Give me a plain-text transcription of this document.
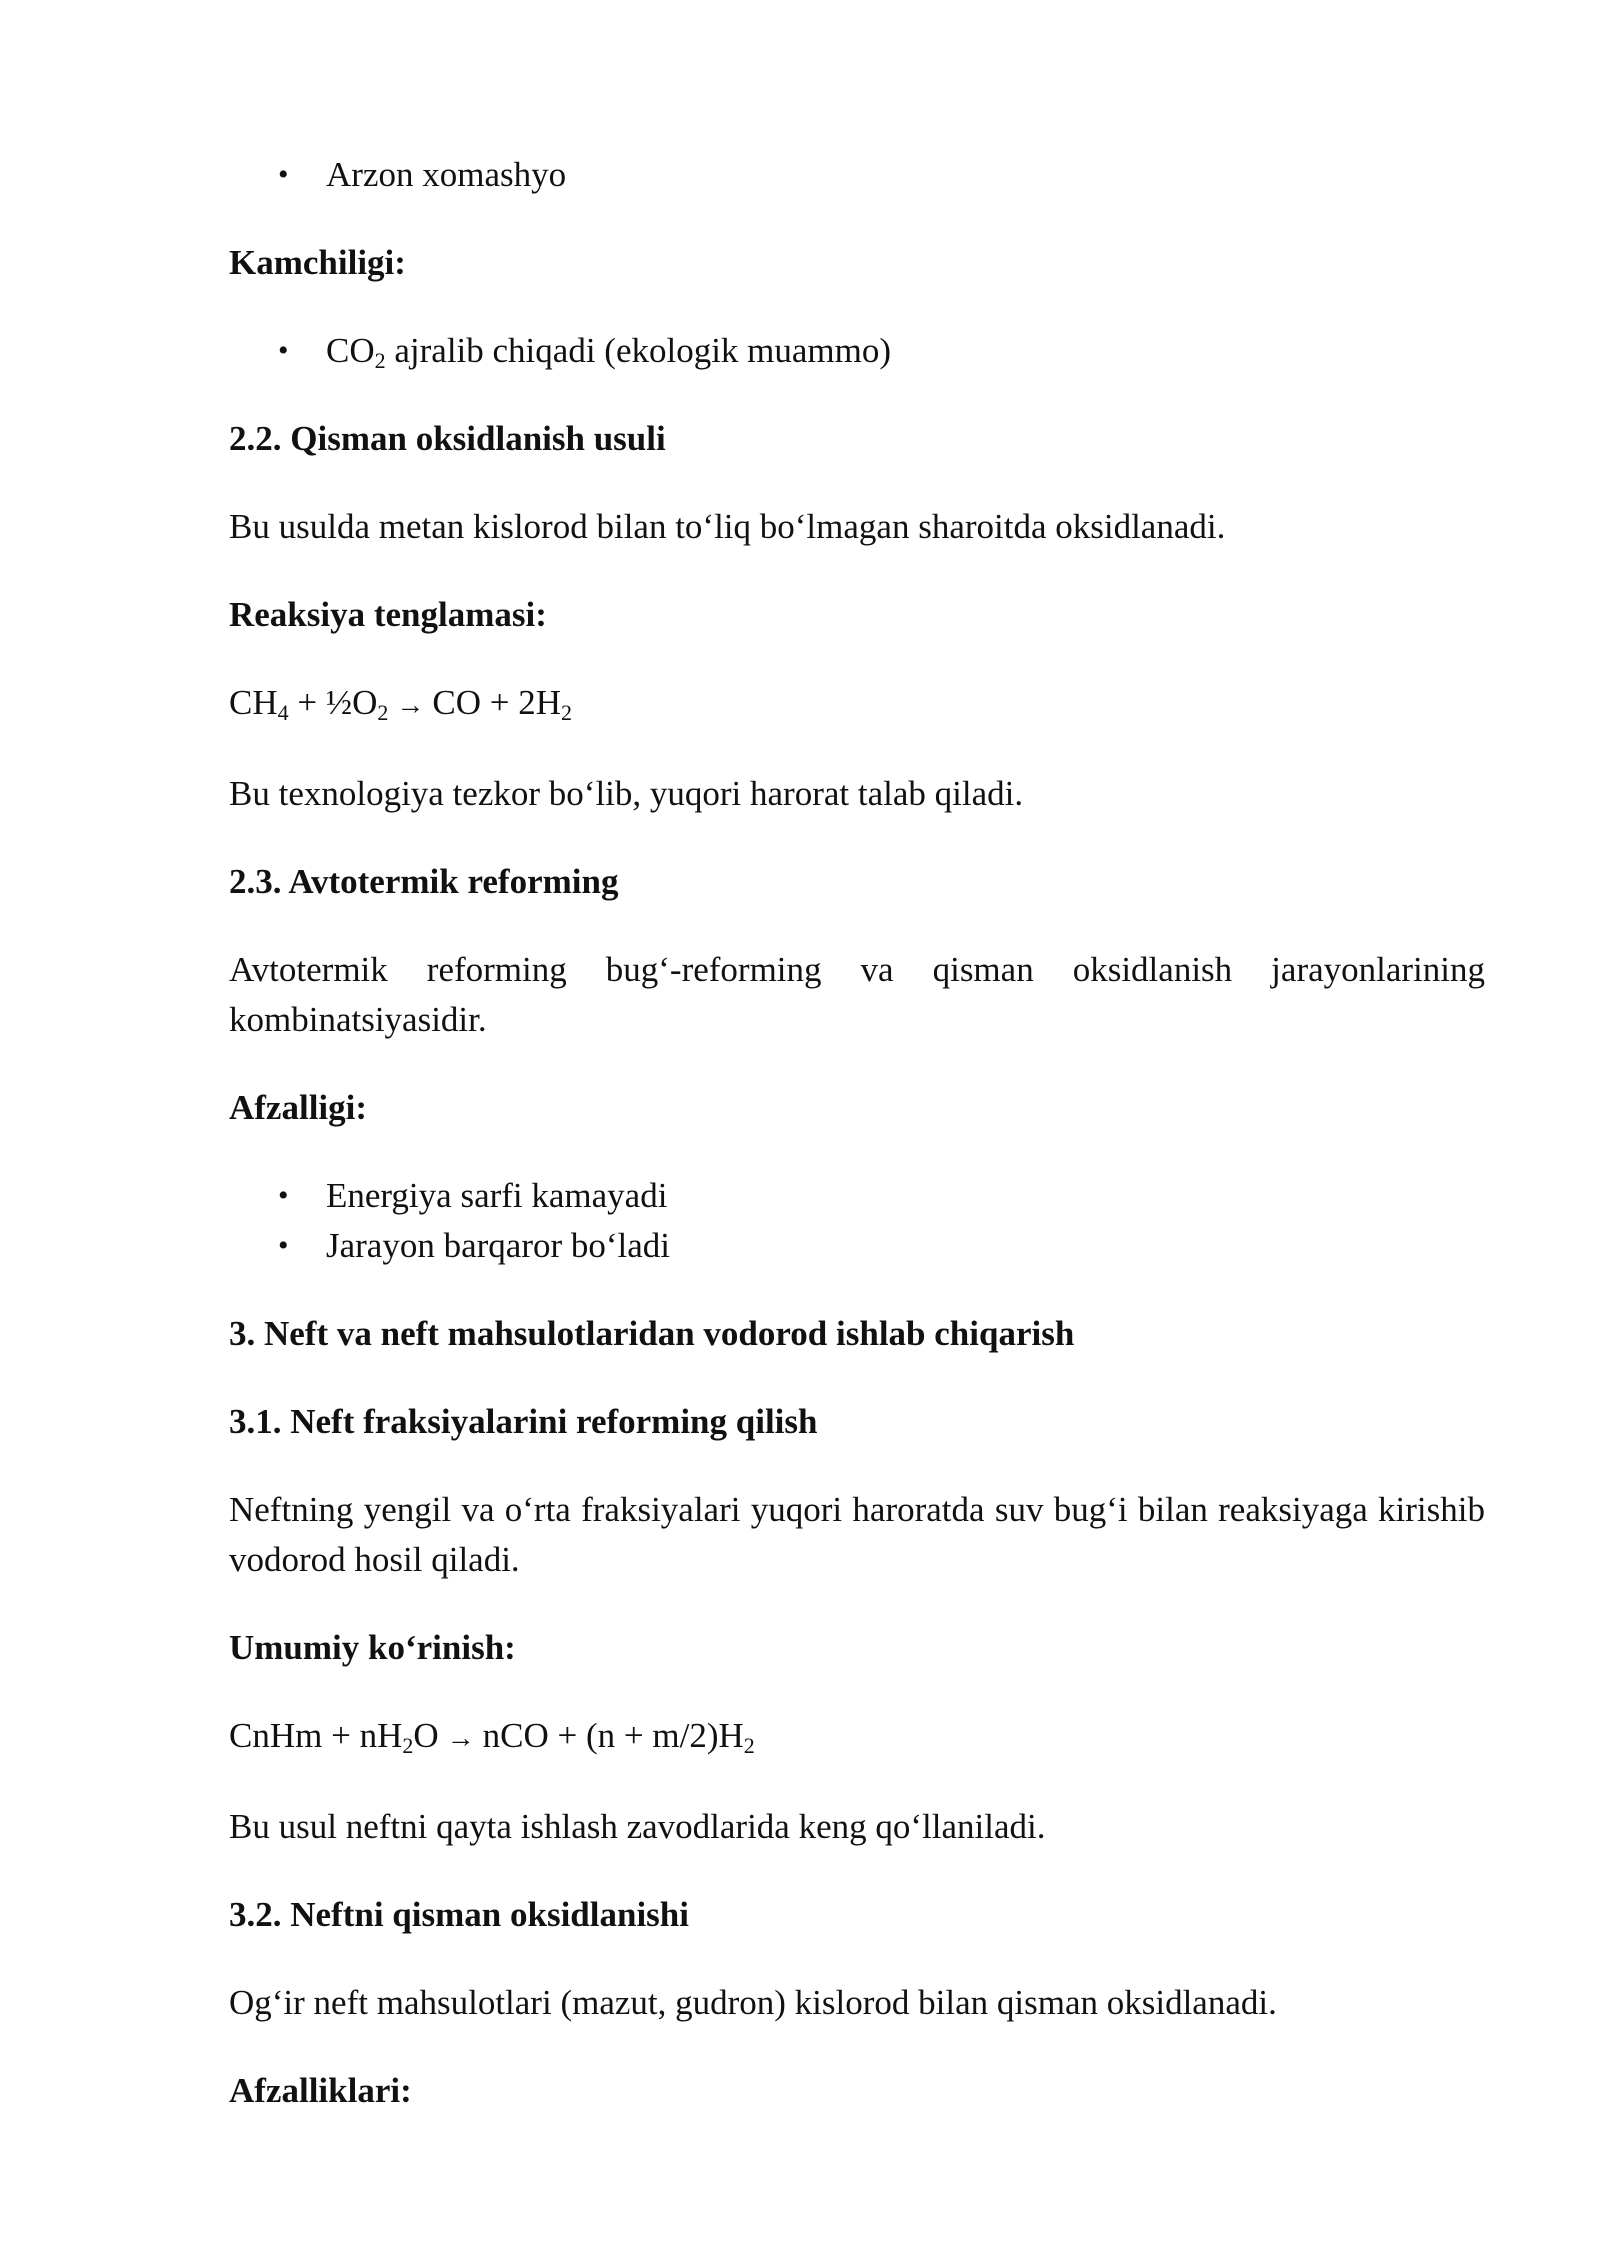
• Arzon xomashyo

Kamchiligi:

• $CO_2$ ajralib chiqadi (ekologik muammo)

2.2. Qisman oksidlanish usuli

Bu usulda metan kislorod bilan to‘liq bo‘lmagan sharoitda oksidlanadi.

Reaksiya tenglamasi:

$CH_4$ + $\frac{1}{2}O_2$ → CO + $2H_2$

Bu texnologiya tezkor bo‘lib, yuqori harorat talab qiladi.

2.3. Avtotermik reforming

Avtotermik reforming bug‘-reforming va qisman oksidlanish jarayonlarining kombinatsiyasidir.

Afzalligi:

• Energiya sarfi kamayadi
• Jarayon barqaror bo‘ladi

3. Neft va neft mahsulotlaridan vodorod ishlab chiqarish

3.1. Neft fraksiyalarini reforming qilish

Neftning yengil va o‘rta fraksiyalari yuqori haroratda suv bug‘i bilan reaksiyaga kirishib vodorod hosil qiladi.

Umumiy ko‘rinish:

CnHm + $nH_2O$ → nCO + $(n + m/2)H_2$

Bu usul neftni qayta ishlash zavodlarida keng qo‘llaniladi.

3.2. Neftni qisman oksidlanishi

Og‘ir neft mahsulotlari (mazut, gudron) kislorod bilan qisman oksidlanadi.

Afzalliklari:
